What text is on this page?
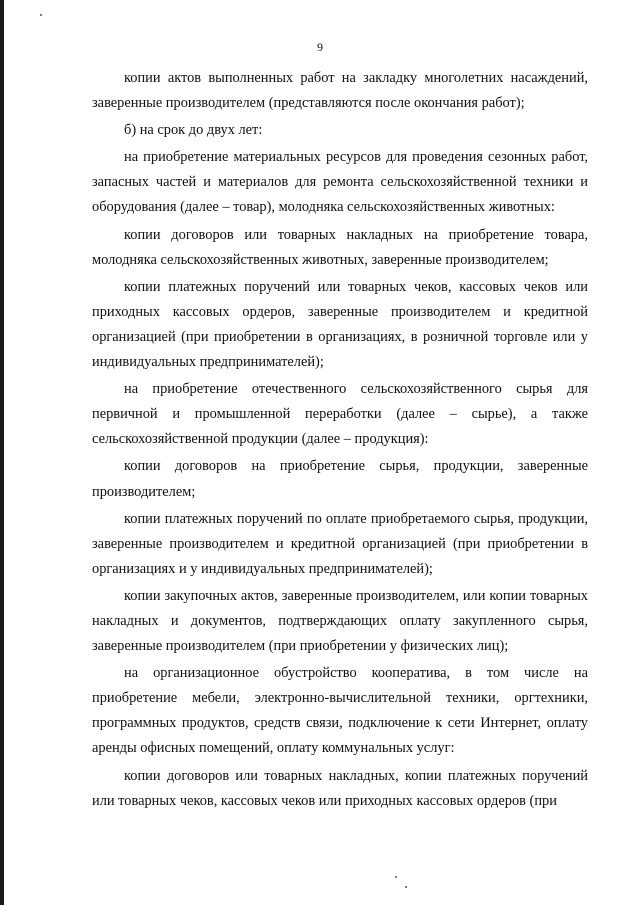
9

копии актов выполненных работ на закладку многолетних насаждений, заверенные производителем (представляются после окончания работ);

б) на срок до двух лет:

на приобретение материальных ресурсов для проведения сезонных работ, запасных частей и материалов для ремонта сельскохозяйственной техники и оборудования (далее – товар), молодняка сельскохозяйственных животных:

копии договоров или товарных накладных на приобретение товара, молодняка сельскохозяйственных животных, заверенные производителем;

копии платежных поручений или товарных чеков, кассовых чеков или приходных кассовых ордеров, заверенные производителем и кредитной организацией (при приобретении в организациях, в розничной торговле или у индивидуальных предпринимателей);

на приобретение отечественного сельскохозяйственного сырья для первичной и промышленной переработки (далее – сырье), а также сельскохозяйственной продукции (далее – продукция):

копии договоров на приобретение сырья, продукции, заверенные производителем;

копии платежных поручений по оплате приобретаемого сырья, продукции, заверенные производителем и кредитной организацией (при приобретении в организациях и у индивидуальных предпринимателей);

копии закупочных актов, заверенные производителем, или копии товарных накладных и документов, подтверждающих оплату закупленного сырья, заверенные производителем (при приобретении у физических лиц);

на организационное обустройство кооператива, в том числе на приобретение мебели, электронно-вычислительной техники, оргтехники, программных продуктов, средств связи, подключение к сети Интернет, оплату аренды офисных помещений, оплату коммунальных услуг:

копии договоров или товарных накладных, копии платежных поручений или товарных чеков, кассовых чеков или приходных кассовых ордеров (при
